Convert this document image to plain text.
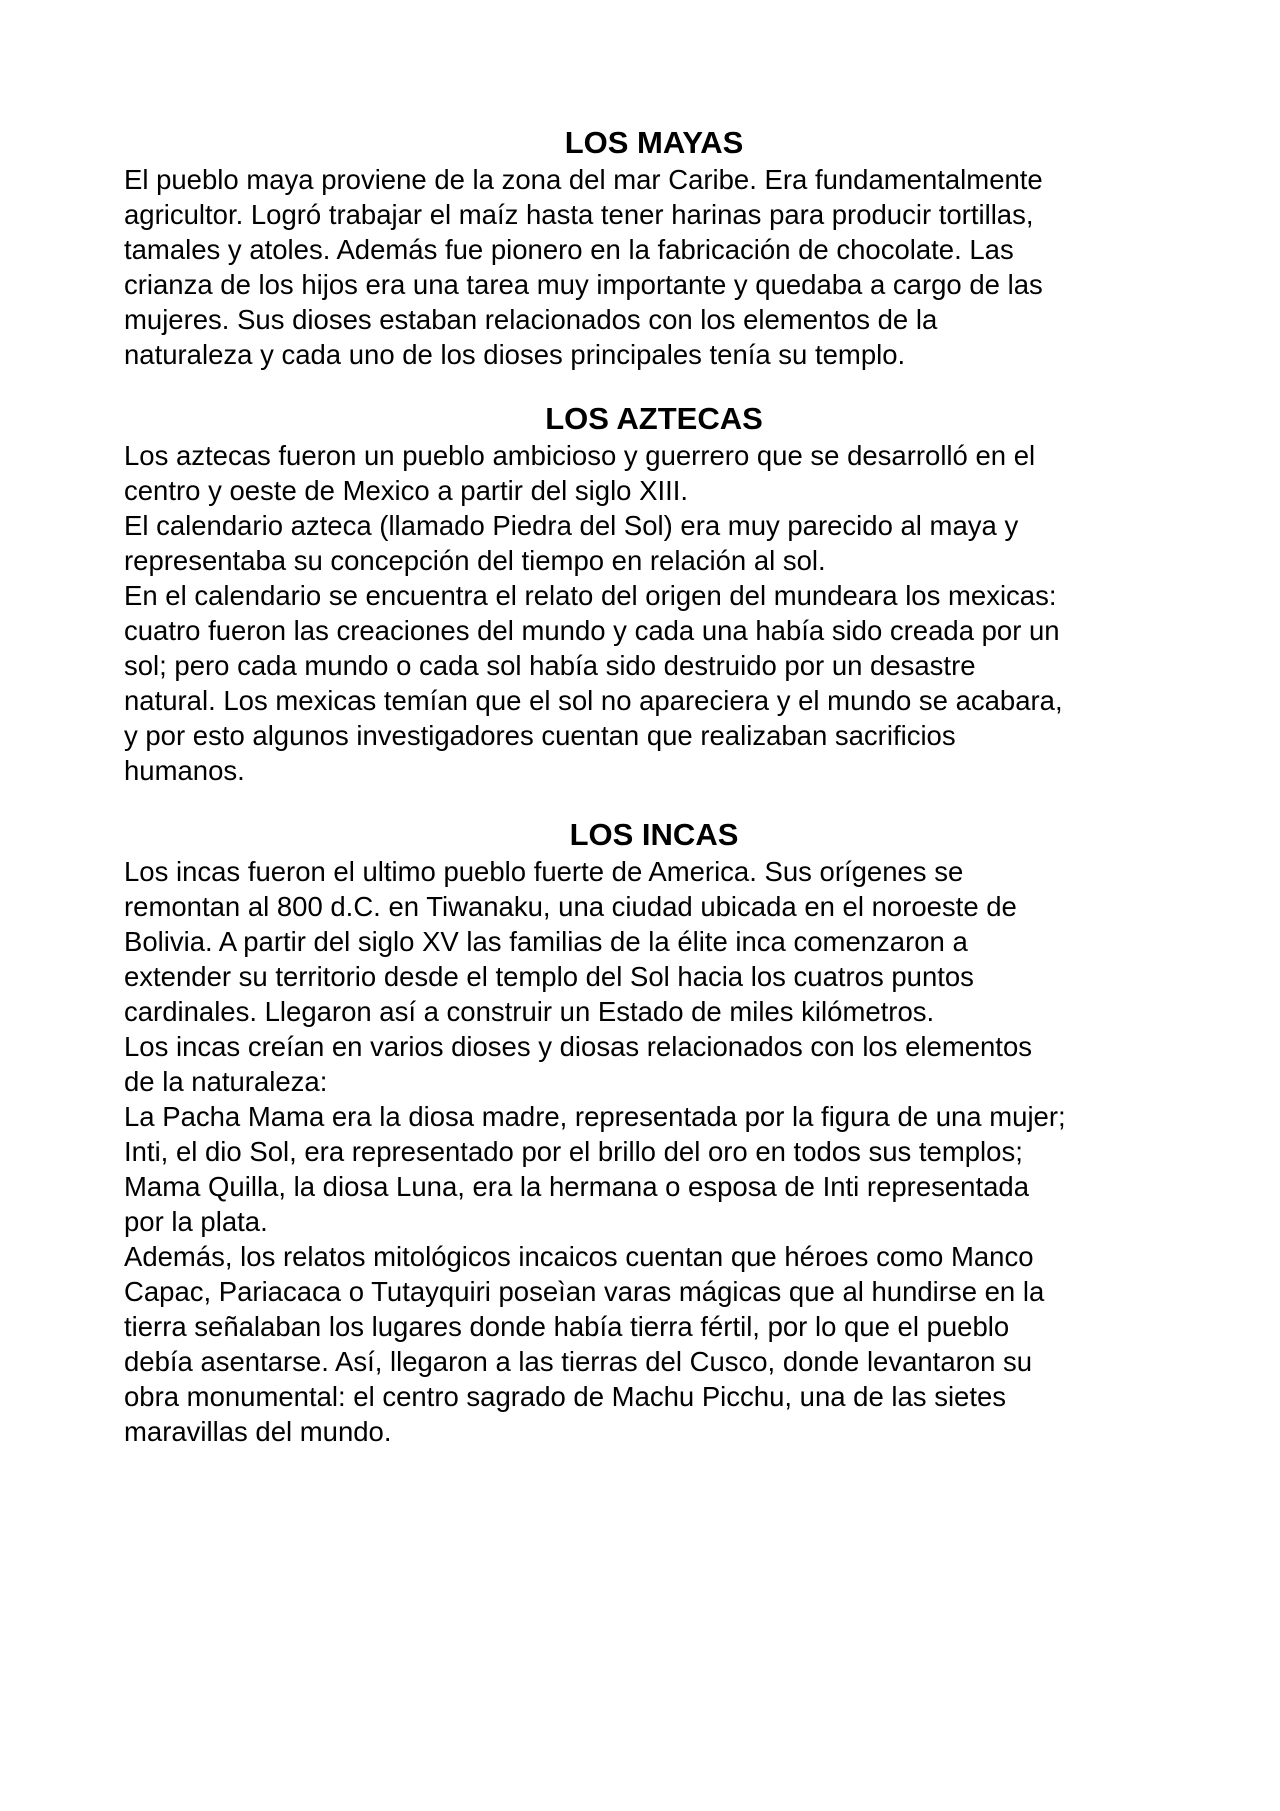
LOS MAYAS
El pueblo maya proviene de la zona del mar Caribe. Era fundamentalmente
agricultor. Logró trabajar el maíz hasta tener harinas para producir tortillas,
tamales y atoles. Además fue pionero en la fabricación de chocolate. Las
crianza de los hijos era una tarea muy importante y quedaba a cargo de las
mujeres. Sus dioses estaban relacionados con los elementos de la
naturaleza y cada uno de los dioses principales tenía su templo.
LOS AZTECAS
Los aztecas fueron un pueblo ambicioso y guerrero que se desarrolló en el
centro y oeste de Mexico a partir del siglo XIII.
El calendario azteca (llamado Piedra del Sol) era muy parecido al maya y
representaba su concepción del tiempo en relación al sol.
En el calendario se encuentra el relato del origen del mundeara los mexicas:
cuatro fueron las creaciones del mundo y cada una había sido creada por un
sol; pero cada mundo o cada sol había sido destruido por un desastre
natural. Los mexicas temían que el sol no apareciera y el mundo se acabara,
y por esto algunos investigadores cuentan que realizaban sacrificios
humanos.
LOS INCAS
Los incas fueron el ultimo pueblo fuerte de America. Sus orígenes se
remontan al 800 d.C. en Tiwanaku, una ciudad ubicada en el noroeste de
Bolivia. A partir del siglo XV las familias de la élite inca comenzaron a
extender su territorio desde el templo del Sol hacia los cuatros puntos
cardinales. Llegaron así a construir un Estado de miles kilómetros.
Los incas creían en varios dioses y diosas relacionados con los elementos
de la naturaleza:
La Pacha Mama era la diosa madre, representada por la figura de una mujer;
Inti, el dio Sol, era representado por el brillo del oro en todos sus templos;
Mama Quilla, la diosa Luna, era la hermana o esposa de Inti representada
por la plata.
Además, los relatos mitológicos incaicos cuentan que héroes como Manco
Capac, Pariacaca o Tutayquiri poseìan varas mágicas que al hundirse en la
tierra señalaban los lugares donde había tierra fértil, por lo que el pueblo
debía asentarse. Así, llegaron a las tierras del Cusco, donde levantaron su
obra monumental: el centro sagrado de Machu Picchu, una de las sietes
maravillas del mundo.
